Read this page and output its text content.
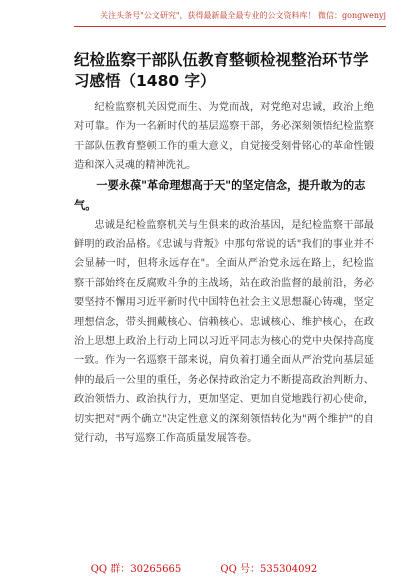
关注头条号"公文研究"，获得最新最全最专业的公文资料库！ 微信：gongwenyj
纪检监察干部队伍教育整顿检视整治环节学习感悟（1480 字）

纪检监察机关因党而生、为党而战，对党绝对忠诚，政治上绝对可靠。作为一名新时代的基层巡察干部，务必深刻领悟纪检监察干部队伍教育整顿工作的重大意义，自觉接受刻骨铭心的革命性锻造和深入灵魂的精神洗礼。

一要永葆"革命理想高于天"的坚定信念，提升敢为的志气。

忠诚是纪检监察机关与生俱来的政治基因，是纪检监察干部最鲜明的政治品格。《忠诚与背叛》中那句常说的话"我们的事业并不会显赫一时，但将永远存在"。全面从严治党永远在路上，纪检监察干部始终在反腐败斗争的主战场，站在政治监督的最前沿，务必要坚持不懈用习近平新时代中国特色社会主义思想凝心铸魂，坚定理想信念，带头拥戴核心、信赖核心、忠诚核心、维护核心，在政治上思想上政治上行动上同以习近平同志为核心的党中央保持高度一致。作为一名巡察干部来说，肩负着打通全面从严治党向基层延伸的最后一公里的重任，务必保持政治定力不断提高政治判断力、政治领悟力、政治执行力，更加坚定、更加自觉地践行初心使命，切实把对"两个确立"决定性意义的深刻领悟转化为"两个维护"的自觉行动，书写巡察工作高质量发展答卷。

QQ 群：30265665	QQ 号：535304092
